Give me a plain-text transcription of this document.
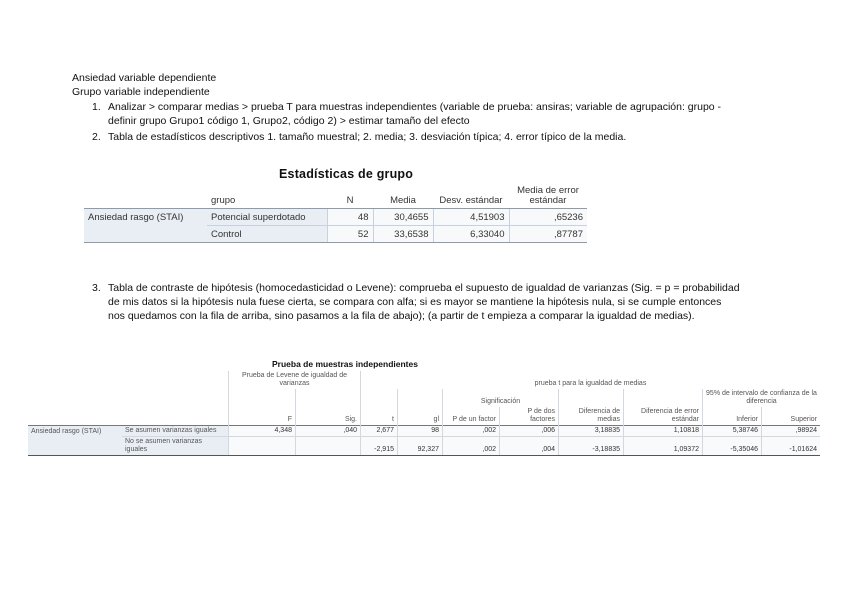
Ansiedad variable dependiente
Grupo variable independiente
1. Analizar > comparar medias > prueba T para muestras independientes (variable de prueba: ansiras; variable de agrupación: grupo -
definir grupo Grupo1 código 1, Grupo2, código 2) > estimar tamaño del efecto
2. Tabla de estadísticos descriptivos 1. tamaño muestral; 2. media; 3. desviación típica; 4. error típico de la media.
Estadísticas de grupo
	grupo	N	Media	Desv. estándar	Media de error estándar
Ansiedad rasgo (STAI)	Potencial superdotado	48	30,4655	4,51903	,65236
	Control	52	33,6538	6,33040	,87787
3. Tabla de contraste de hipótesis (homocedasticidad o Levene): comprueba el supuesto de igualdad de varianzas (Sig. = p = probabilidad
de mis datos si la hipótesis nula fuese cierta, se compara con alfa; si es mayor se mantiene la hipótesis nula, si se cumple entonces
nos quedamos con la fila de arriba, sino pasamos a la fila de abajo); (a partir de t empieza a comparar la igualdad de medias).
Prueba de muestras independientes
		Prueba de Levene de igualdad de varianzas		prueba t para la igualdad de medias							
						Significación				95% de intervalo de confianza de la diferencia	
		F	Sig.	t	gl	P de un factor	P de dos factores	Diferencia de medias	Diferencia de error estándar	Inferior	Superior
Ansiedad rasgo (STAI)	Se asumen varianzas iguales	4,348	,040	2,677	98	,002	,006	3,18835	1,10818	5,38746	,98924
	No se asumen varianzas iguales			-2,915	92,327	,002	,004	-3,18835	1,09372	-5,35046	-1,01624
